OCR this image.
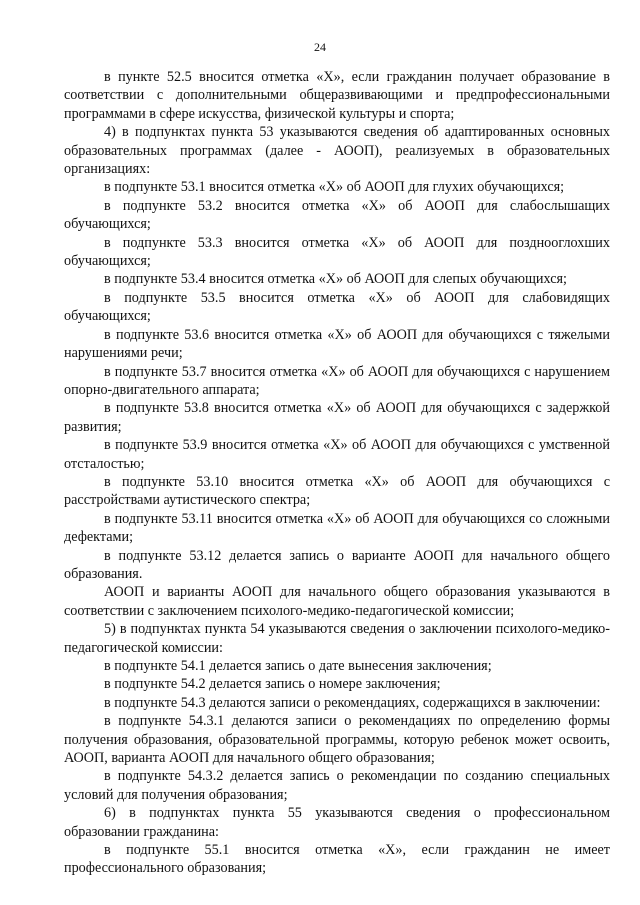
24

в пункте 52.5 вносится отметка «Х», если гражданин получает образование в соответствии с дополнительными общеразвивающими и предпрофессиональными программами в сфере искусства, физической культуры и спорта;

4) в подпунктах пункта 53 указываются сведения об адаптированных основных образовательных программах (далее - АООП), реализуемых в образовательных организациях:

в подпункте 53.1 вносится отметка «Х» об АООП для глухих обучающихся;

в подпункте 53.2 вносится отметка «Х» об АООП для слабослышащих обучающихся;

в подпункте 53.3 вносится отметка «Х» об АООП для позднооглохших обучающихся;

в подпункте 53.4 вносится отметка «Х» об АООП для слепых обучающихся;

в подпункте 53.5 вносится отметка «Х» об АООП для слабовидящих обучающихся;

в подпункте 53.6 вносится отметка «Х» об АООП для обучающихся с тяжелыми нарушениями речи;

в подпункте 53.7 вносится отметка «Х» об АООП для обучающихся с нарушением опорно-двигательного аппарата;

в подпункте 53.8 вносится отметка «Х» об АООП для обучающихся с задержкой развития;

в подпункте 53.9 вносится отметка «Х» об АООП для обучающихся с умственной отсталостью;

в подпункте 53.10 вносится отметка «Х» об АООП для обучающихся с расстройствами аутистического спектра;

в подпункте 53.11 вносится отметка «Х» об АООП для обучающихся со сложными дефектами;

в подпункте 53.12 делается запись о варианте АООП для начального общего образования.

АООП и варианты АООП для начального общего образования указываются в соответствии с заключением психолого-медико-педагогической комиссии;

5) в подпунктах пункта 54 указываются сведения о заключении психолого-медико-педагогической комиссии:

в подпункте 54.1 делается запись о дате вынесения заключения;

в подпункте 54.2 делается запись о номере заключения;

в подпункте 54.3 делаются записи о рекомендациях, содержащихся в заключении:

в подпункте 54.3.1 делаются записи о рекомендациях по определению формы получения образования, образовательной программы, которую ребенок может освоить, АООП, варианта АООП для начального общего образования;

в подпункте 54.3.2 делается запись о рекомендации по созданию специальных условий для получения образования;

6) в подпунктах пункта 55 указываются сведения о профессиональном образовании гражданина:

в подпункте 55.1 вносится отметка «Х», если гражданин не имеет профессионального образования;
